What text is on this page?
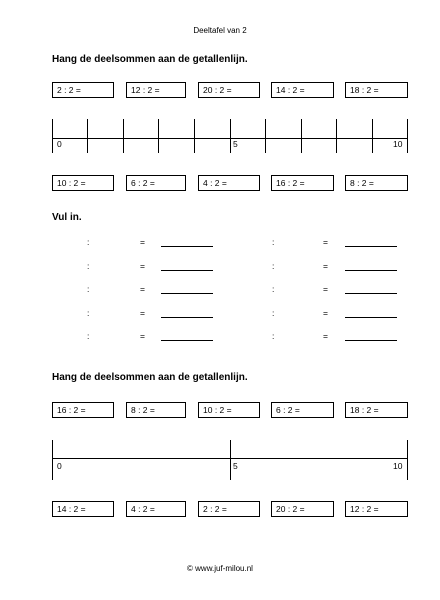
Deeltafel van 2
Hang de deelsommen aan de getallenlijn.
2 : 2 =	12 : 2 =	20 : 2 =	14 : 2 =	18 : 2 =
0	5	10
10 : 2 =	6 : 2 =	4 : 2 =	16 : 2 =	8 : 2 =
Vul in.
:	=	:	=
:	=	:	=
:	=	:	=
:	=	:	=
:	=	:	=
Hang de deelsommen aan de getallenlijn.
16 : 2 =	8 : 2 =	10 : 2 =	6 : 2 =	18 : 2 =
0	5	10
14 : 2 =	4 : 2 =	2 : 2 =	20 : 2 =	12 : 2 =
© www.juf-milou.nl
